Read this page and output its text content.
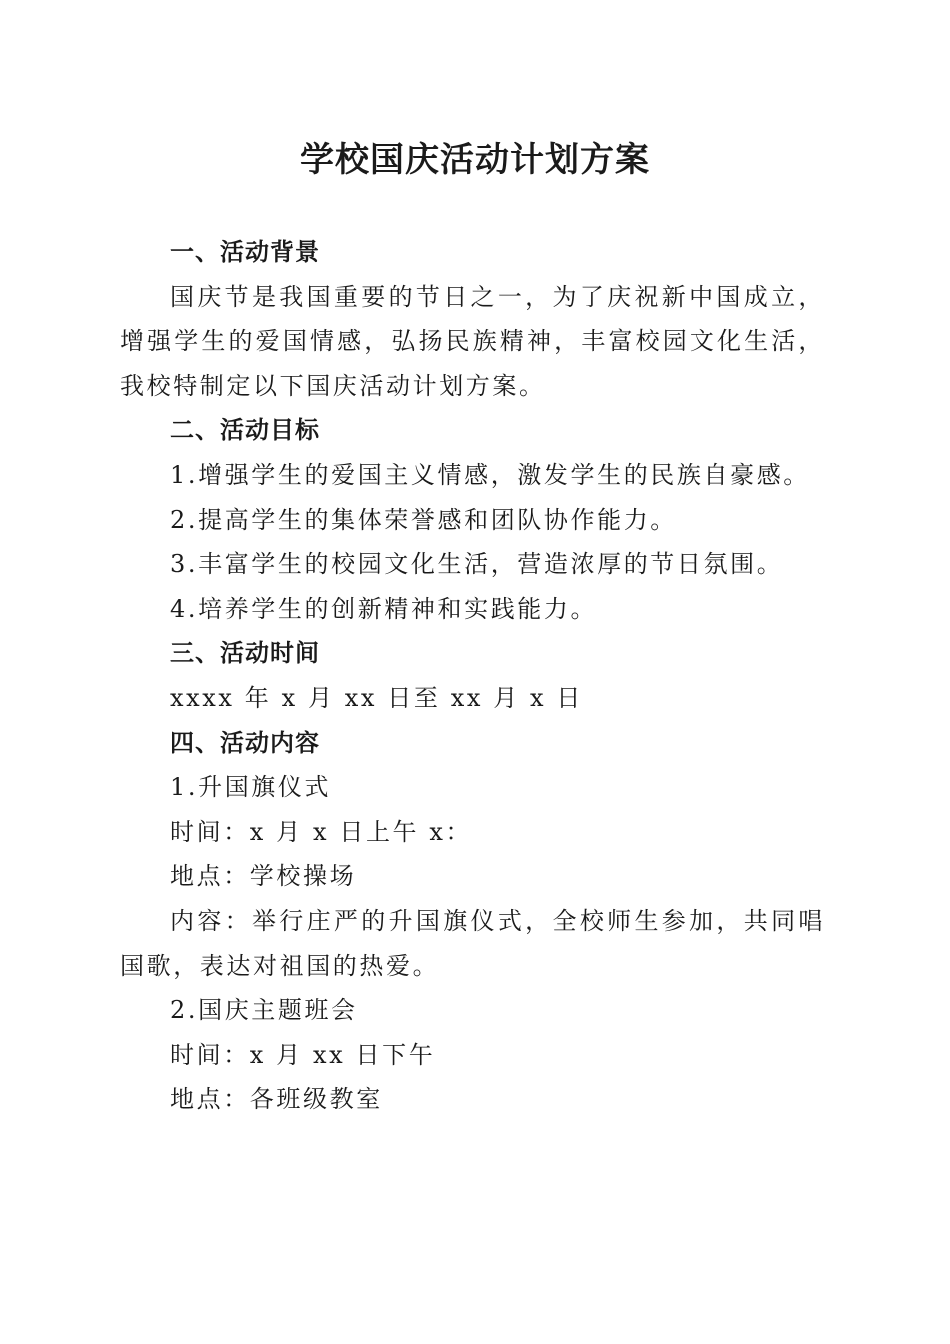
学校国庆活动计划方案

一、活动背景

国庆节是我国重要的节日之一，为了庆祝新中国成立，增强学生的爱国情感，弘扬民族精神，丰富校园文化生活，我校特制定以下国庆活动计划方案。

二、活动目标

1.增强学生的爱国主义情感，激发学生的民族自豪感。

2.提高学生的集体荣誉感和团队协作能力。

3.丰富学生的校园文化生活，营造浓厚的节日氛围。

4.培养学生的创新精神和实践能力。

三、活动时间

xxxx 年 x 月 xx 日至 xx 月 x 日

四、活动内容

1.升国旗仪式

时间：x 月 x 日上午 x：

地点：学校操场

内容：举行庄严的升国旗仪式，全校师生参加，共同唱国歌，表达对祖国的热爱。

2.国庆主题班会

时间：x 月 xx 日下午

地点：各班级教室
